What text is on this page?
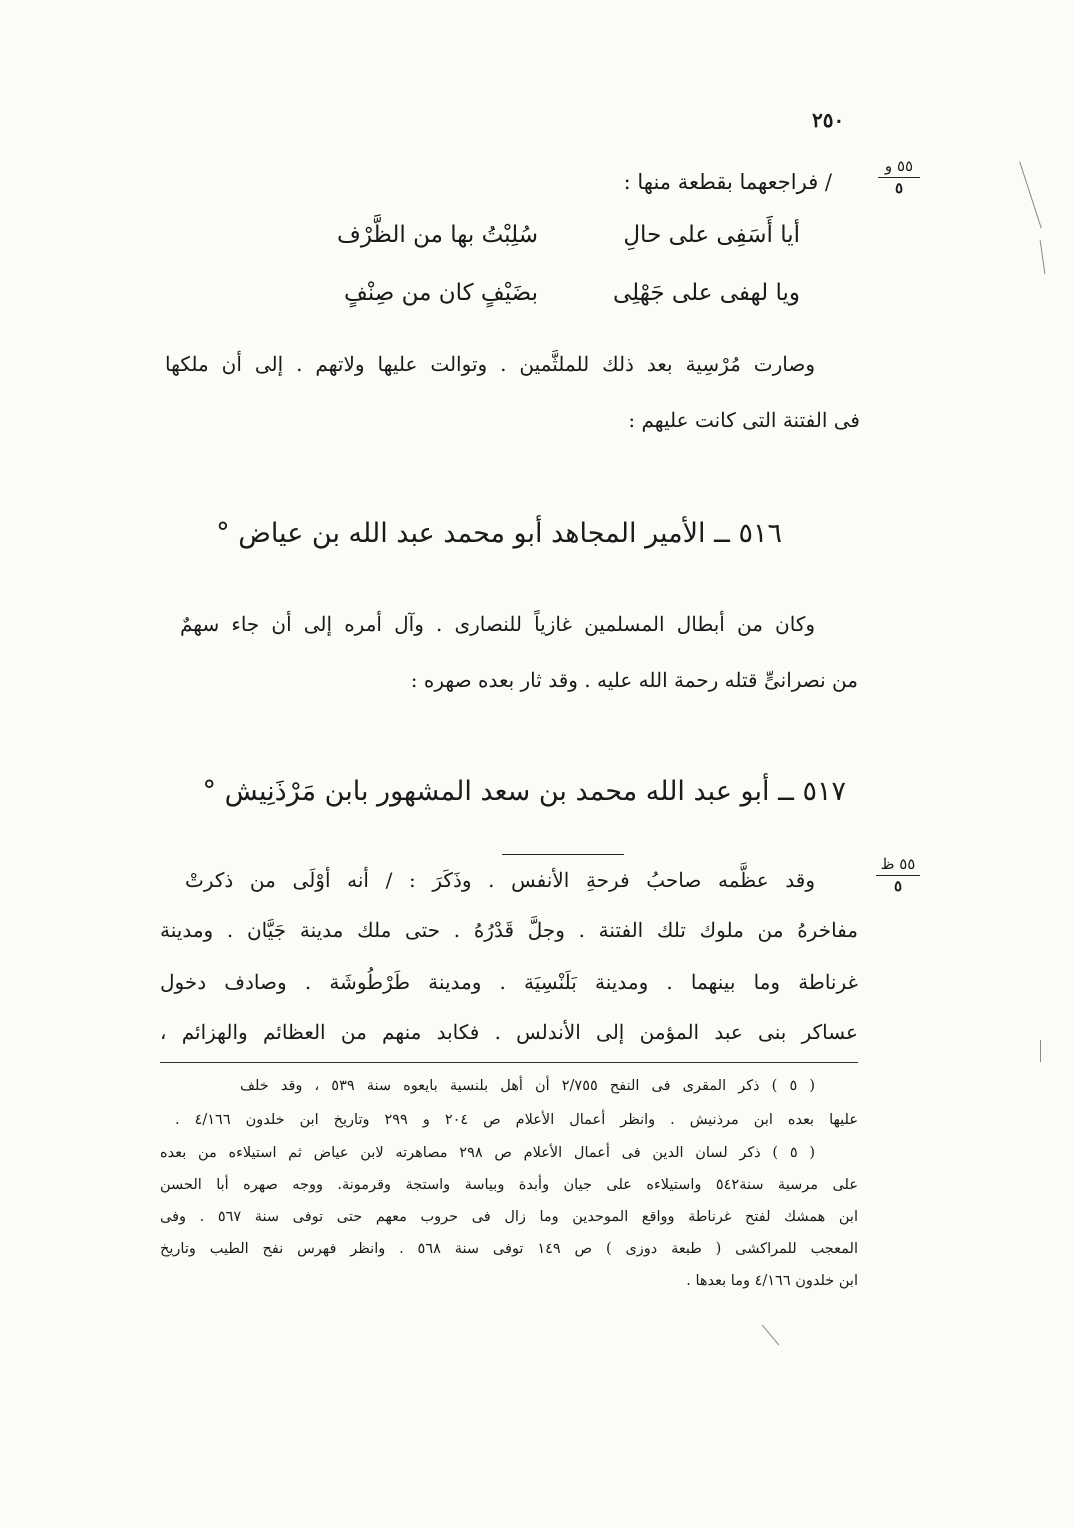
٢٥٠
٥٥ و
٥
٥٥ ظ
٥
/ فراجعهما بقطعة منها :
أيا أَسَفِى على حالِ
سُلِبْتُ بها من الظَّرْف
ويا لهفى على جَهْلِى
بضَيْفٍ كان من صِنْفٍ
وصارت مُرْسِية بعد ذلك للملثَّمين . وتوالت عليها ولاتهم . إلى أن ملكها
فى الفتنة التى كانت عليهم :
٥١٦ ــ الأمير المجاهد أبو محمد عبد الله بن عياض °
وكان من أبطال المسلمين غازياً للنصارى . وآل أمره إلى أن جاء سهمٌ
من نصرانىٍّ قتله رحمة الله عليه . وقد ثار بعده صهره :
٥١٧ ــ أبو عبد الله محمد بن سعد المشهور بابن مَرْذَنِيش °
وقد عظَّمه صاحبُ فرحةِ الأنفس . وذَكَرَ : / أنه أوْلَى من ذكرتْ
مفاخرهُ من ملوك تلك الفتنة . وجلَّ قَدْرُهُ . حتى ملك مدينة جَيَّان . ومدينة
غرناطة وما بينهما . ومدينة بَلَنْسِيَة . ومدينة طَرْطُوشَة . وصادف دخول
عساكر بنى عبد المؤمن إلى الأندلس . فكابد منهم من العظائم والهزائم ،
( ٥ ) ذكر المقرى فى النفح ٢/٧٥٥ أن أهل بلنسية بايعوه سنة ٥٣٩ ، وقد خلف
عليها بعده ابن مرذنيش . وانظر أعمال الأعلام ص ٢٠٤ و ٢٩٩ وتاريخ ابن خلدون ٤/١٦٦ .
( ٥ ) ذكر لسان الدين فى أعمال الأعلام ص ٢٩٨ مصاهرته لابن عياض ثم استيلاءه من بعده
على مرسية سنة٥٤٢ واستيلاءه على جيان وأبدة وبياسة واستجة وقرمونة. ووجه صهره أبا الحسن
ابن همشك لفتح غرناطة وواقع الموحدين وما زال فى حروب معهم حتى توفى سنة ٥٦٧ . وفى
المعجب للمراكشى ( طبعة دوزى ) ص ١٤٩ توفى سنة ٥٦٨ . وانظر فهرس نفح الطيب وتاريخ
ابن خلدون ٤/١٦٦ وما بعدها .
